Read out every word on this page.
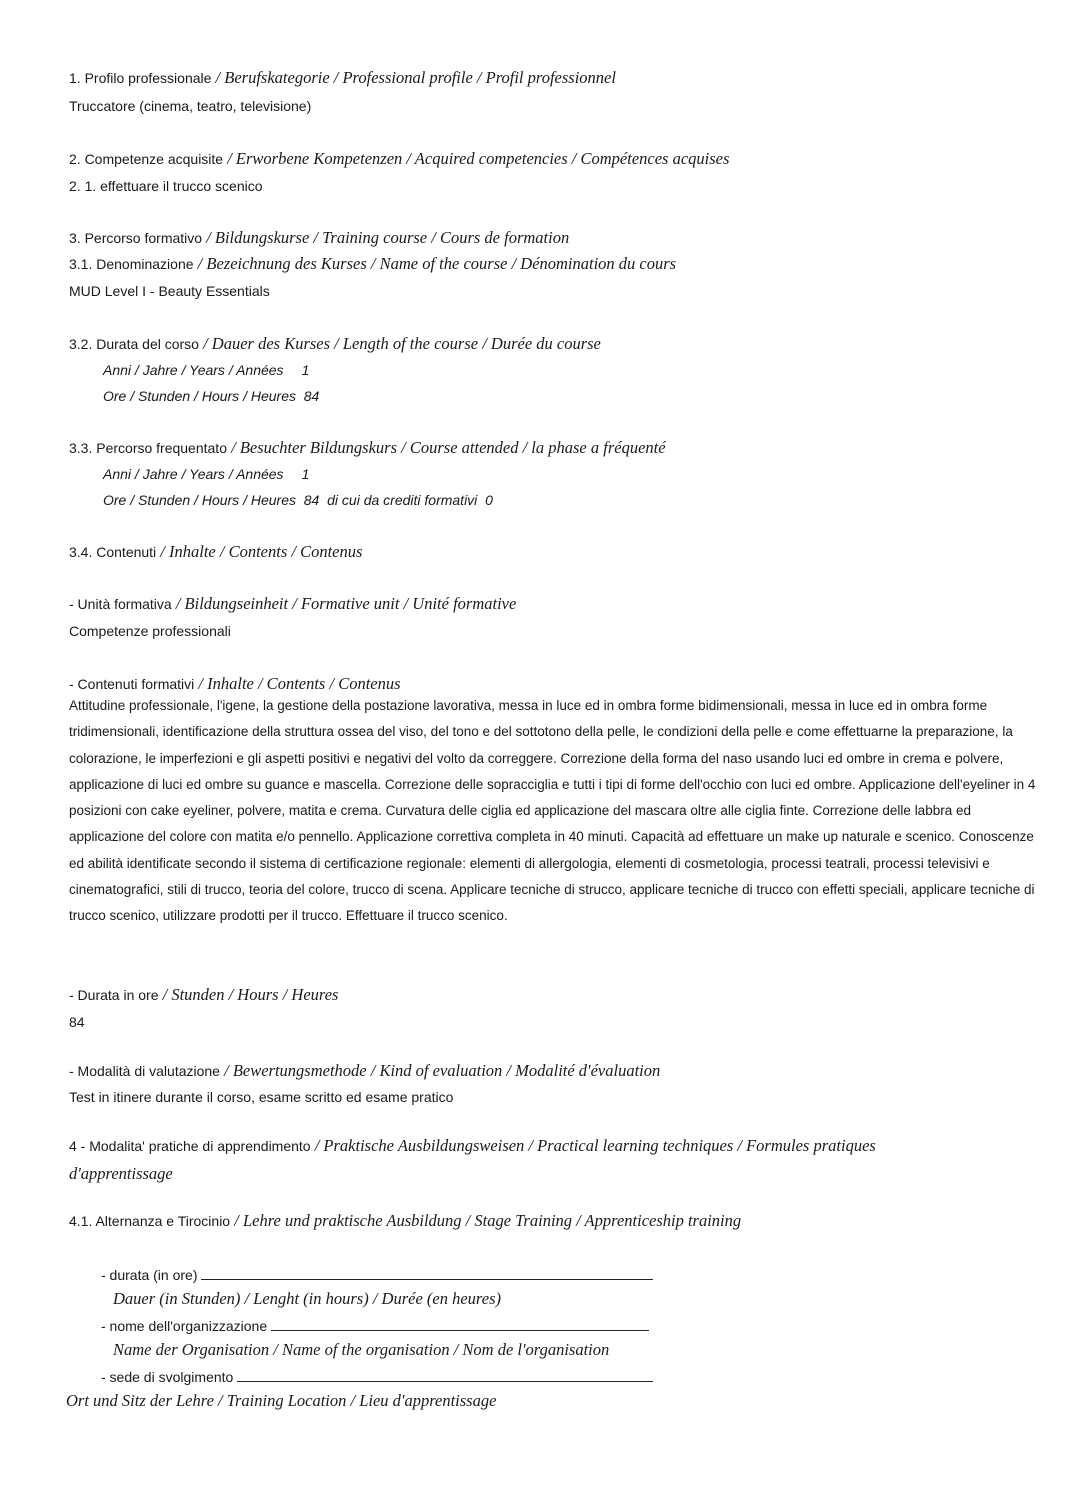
1. Profilo professionale / Berufskategorie / Professional profile / Profil professionnel
Truccatore (cinema, teatro, televisione)
2. Competenze acquisite / Erworbene Kompetenzen / Acquired competencies / Compétences acquises
2. 1. effettuare il trucco scenico
3. Percorso formativo / Bildungskurse / Training course / Cours de formation
3.1. Denominazione / Bezeichnung des Kurses / Name of the course / Dénomination du cours
MUD Level I - Beauty Essentials
3.2. Durata del corso / Dauer des Kurses / Length of the course / Durée du course
Anni / Jahre / Years / Années 1
Ore / Stunden / Hours / Heures 84
3.3. Percorso frequentato / Besuchter Bildungskurs / Course attended / la phase a fréquenté
Anni / Jahre / Years / Années 1
Ore / Stunden / Hours / Heures 84 di cui da crediti formativi 0
3.4. Contenuti / Inhalte / Contents / Contenus
- Unità formativa / Bildungseinheit / Formative unit / Unité formative
Competenze professionali
- Contenuti formativi / Inhalte / Contents / Contenus
Attitudine professionale, l'igene, la gestione della postazione lavorativa, messa in luce ed in ombra forme bidimensionali, messa in luce ed in ombra forme tridimensionali, identificazione della struttura ossea del viso, del tono e del sottotono della pelle, le condizioni della pelle e come effettuarne la preparazione, la colorazione, le imperfezioni e gli aspetti positivi e negativi del volto da correggere. Correzione della forma del naso usando luci ed ombre in crema e polvere, applicazione di luci ed ombre su guance e mascella. Correzione delle sopracciglia e tutti i tipi di forme dell'occhio con luci ed ombre. Applicazione dell'eyeliner in 4 posizioni con cake eyeliner, polvere, matita e crema. Curvatura delle ciglia ed applicazione del mascara oltre alle ciglia finte. Correzione delle labbra ed applicazione del colore con matita e/o pennello. Applicazione correttiva completa in 40 minuti. Capacità ad effettuare un make up naturale e scenico. Conoscenze ed abilità identificate secondo il sistema di certificazione regionale: elementi di allergologia, elementi di cosmetologia, processi teatrali, processi televisivi e cinematografici, stili di trucco, teoria del colore, trucco di scena. Applicare tecniche di strucco, applicare tecniche di trucco con effetti speciali, applicare tecniche di trucco scenico, utilizzare prodotti per il trucco. Effettuare il trucco scenico.
- Durata in ore / Stunden / Hours / Heures
84
- Modalità di valutazione / Bewertungsmethode / Kind of evaluation / Modalité d'évaluation
Test in itinere durante il corso, esame scritto ed esame pratico
4 - Modalita' pratiche di apprendimento / Praktische Ausbildungsweisen / Practical learning techniques / Formules pratiques
d'apprentissage
4.1. Alternanza e Tirocinio / Lehre und praktische Ausbildung / Stage Training / Apprenticeship training
- durata (in ore)
Dauer (in Stunden) / Lenght (in hours) / Durée (en heures)
- nome dell'organizzazione
Name der Organisation / Name of the organisation / Nom de l'organisation
- sede di svolgimento
Ort und Sitz der Lehre / Training Location / Lieu d'apprentissage
